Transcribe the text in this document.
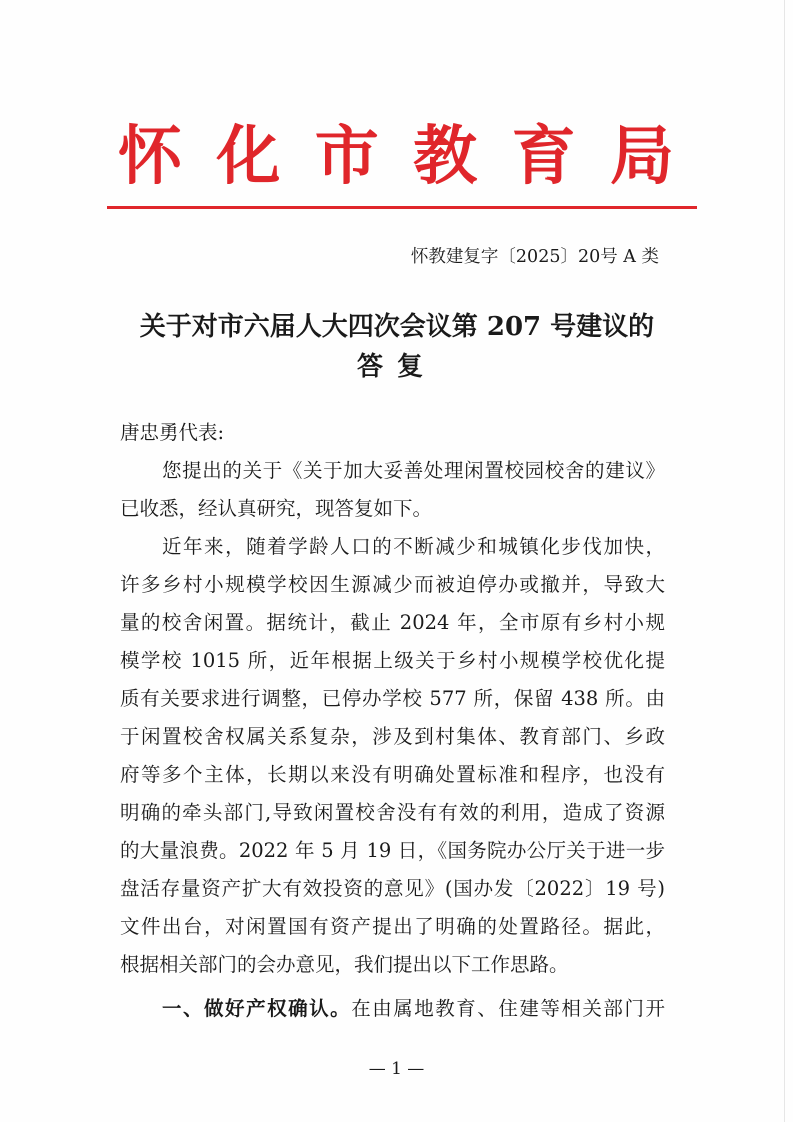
怀 化 市 教 育 局
怀教建复字〔2025〕20号 A 类
关于对市六届人大四次会议第 207 号建议的
答复
唐忠勇代表:
您提出的关于《关于加大妥善处理闲置校园校舍的建议》
已收悉，经认真研究，现答复如下。
近年来，随着学龄人口的不断减少和城镇化步伐加快，
许多乡村小规模学校因生源减少而被迫停办或撤并，导致大
量的校舍闲置。据统计，截止 2024 年，全市原有乡村小规
模学校 1015 所，近年根据上级关于乡村小规模学校优化提
质有关要求进行调整，已停办学校 577 所，保留 438 所。由
于闲置校舍权属关系复杂，涉及到村集体、教育部门、乡政
府等多个主体，长期以来没有明确处置标准和程序，也没有
明确的牵头部门,导致闲置校舍没有有效的利用，造成了资源
的大量浪费。2022 年 5 月 19 日，《国务院办公厅关于进一步
盘活存量资产扩大有效投资的意见》(国办发〔2022〕19 号)
文件出台，对闲置国有资产提出了明确的处置路径。据此，
根据相关部门的会办意见，我们提出以下工作思路。
一、做好产权确认。在由属地教育、住建等相关部门开
— 1 —
